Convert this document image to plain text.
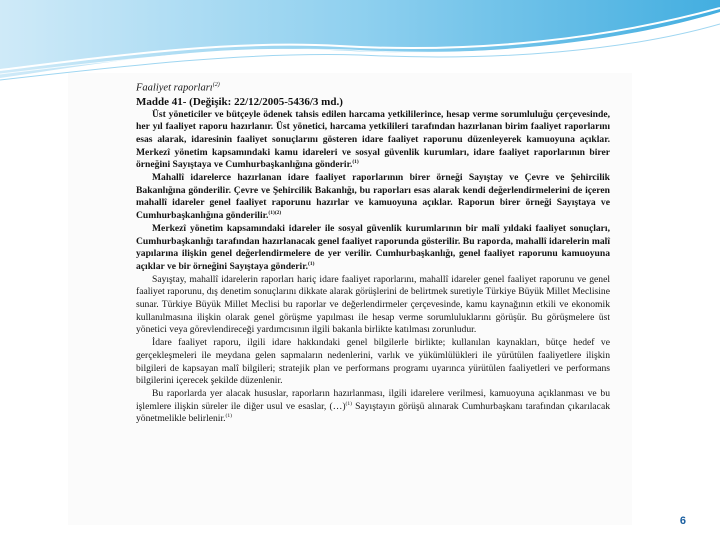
Faaliyet raporları$^{(2)}$
Madde 41- (Değişik: 22/12/2005-5436/3 md.)

Üst yöneticiler ve bütçeyle ödenek tahsis edilen harcama yetkililerince, hesap verme sorumluluğu çerçevesinde, her yıl faaliyet raporu hazırlanır. Üst yönetici, harcama yetkilileri tarafından hazırlanan birim faaliyet raporlarını esas alarak, idaresinin faaliyet sonuçlarını gösteren idare faaliyet raporunu düzenleyerek kamuoyuna açıklar. Merkezî yönetim kapsamındaki kamu idareleri ve sosyal güvenlik kurumları, idare faaliyet raporlarının birer örneğini Sayıştaya ve Cumhurbaşkanlığına gönderir.$^{(1)}$

Mahallî idarelerce hazırlanan idare faaliyet raporlarının birer örneği Sayıştay ve Çevre ve Şehircilik Bakanlığına gönderilir. Çevre ve Şehircilik Bakanlığı, bu raporları esas alarak kendi değerlendirmelerini de içeren mahallî idareler genel faaliyet raporunu hazırlar ve kamuoyuna açıklar. Raporun birer örneği Sayıştaya ve Cumhurbaşkanlığına gönderilir.$^{(1)(2)}$

Merkezî yönetim kapsamındaki idareler ile sosyal güvenlik kurumlarının bir malî yıldaki faaliyet sonuçları, Cumhurbaşkanlığı tarafından hazırlanacak genel faaliyet raporunda gösterilir. Bu raporda, mahallî idarelerin malî yapılarına ilişkin genel değerlendirmelere de yer verilir. Cumhurbaşkanlığı, genel faaliyet raporunu kamuoyuna açıklar ve bir örneğini Sayıştaya gönderir.$^{(1)}$

Sayıştay, mahallî idarelerin raporları hariç idare faaliyet raporlarını, mahallî idareler genel faaliyet raporunu ve genel faaliyet raporunu, dış denetim sonuçlarını dikkate alarak görüşlerini de belirtmek suretiyle Türkiye Büyük Millet Meclisine sunar. Türkiye Büyük Millet Meclisi bu raporlar ve değerlendirmeler çerçevesinde, kamu kaynağının etkili ve ekonomik kullanılmasına ilişkin olarak genel görüşme yapılması ile hesap verme sorumluluklarını görüşür. Bu görüşmelere üst yönetici veya görevlendireceği yardımcısının ilgili bakanla birlikte katılması zorunludur.

İdare faaliyet raporu, ilgili idare hakkındaki genel bilgilerle birlikte; kullanılan kaynakları, bütçe hedef ve gerçekleşmeleri ile meydana gelen sapmaların nedenlerini, varlık ve yükümlülükleri ile yürütülen faaliyetlere ilişkin bilgileri de kapsayan malî bilgileri; stratejik plan ve performans programı uyarınca yürütülen faaliyetleri ve performans bilgilerini içerecek şekilde düzenlenir.

Bu raporlarda yer alacak hususlar, raporların hazırlanması, ilgili idarelere verilmesi, kamuoyuna açıklanması ve bu işlemlere ilişkin süreler ile diğer usul ve esaslar, (…)$^{(1)}$ Sayıştayın görüşü alınarak Cumhurbaşkanı tarafından çıkarılacak yönetmelikle belirlenir.$^{(1)}$

6
